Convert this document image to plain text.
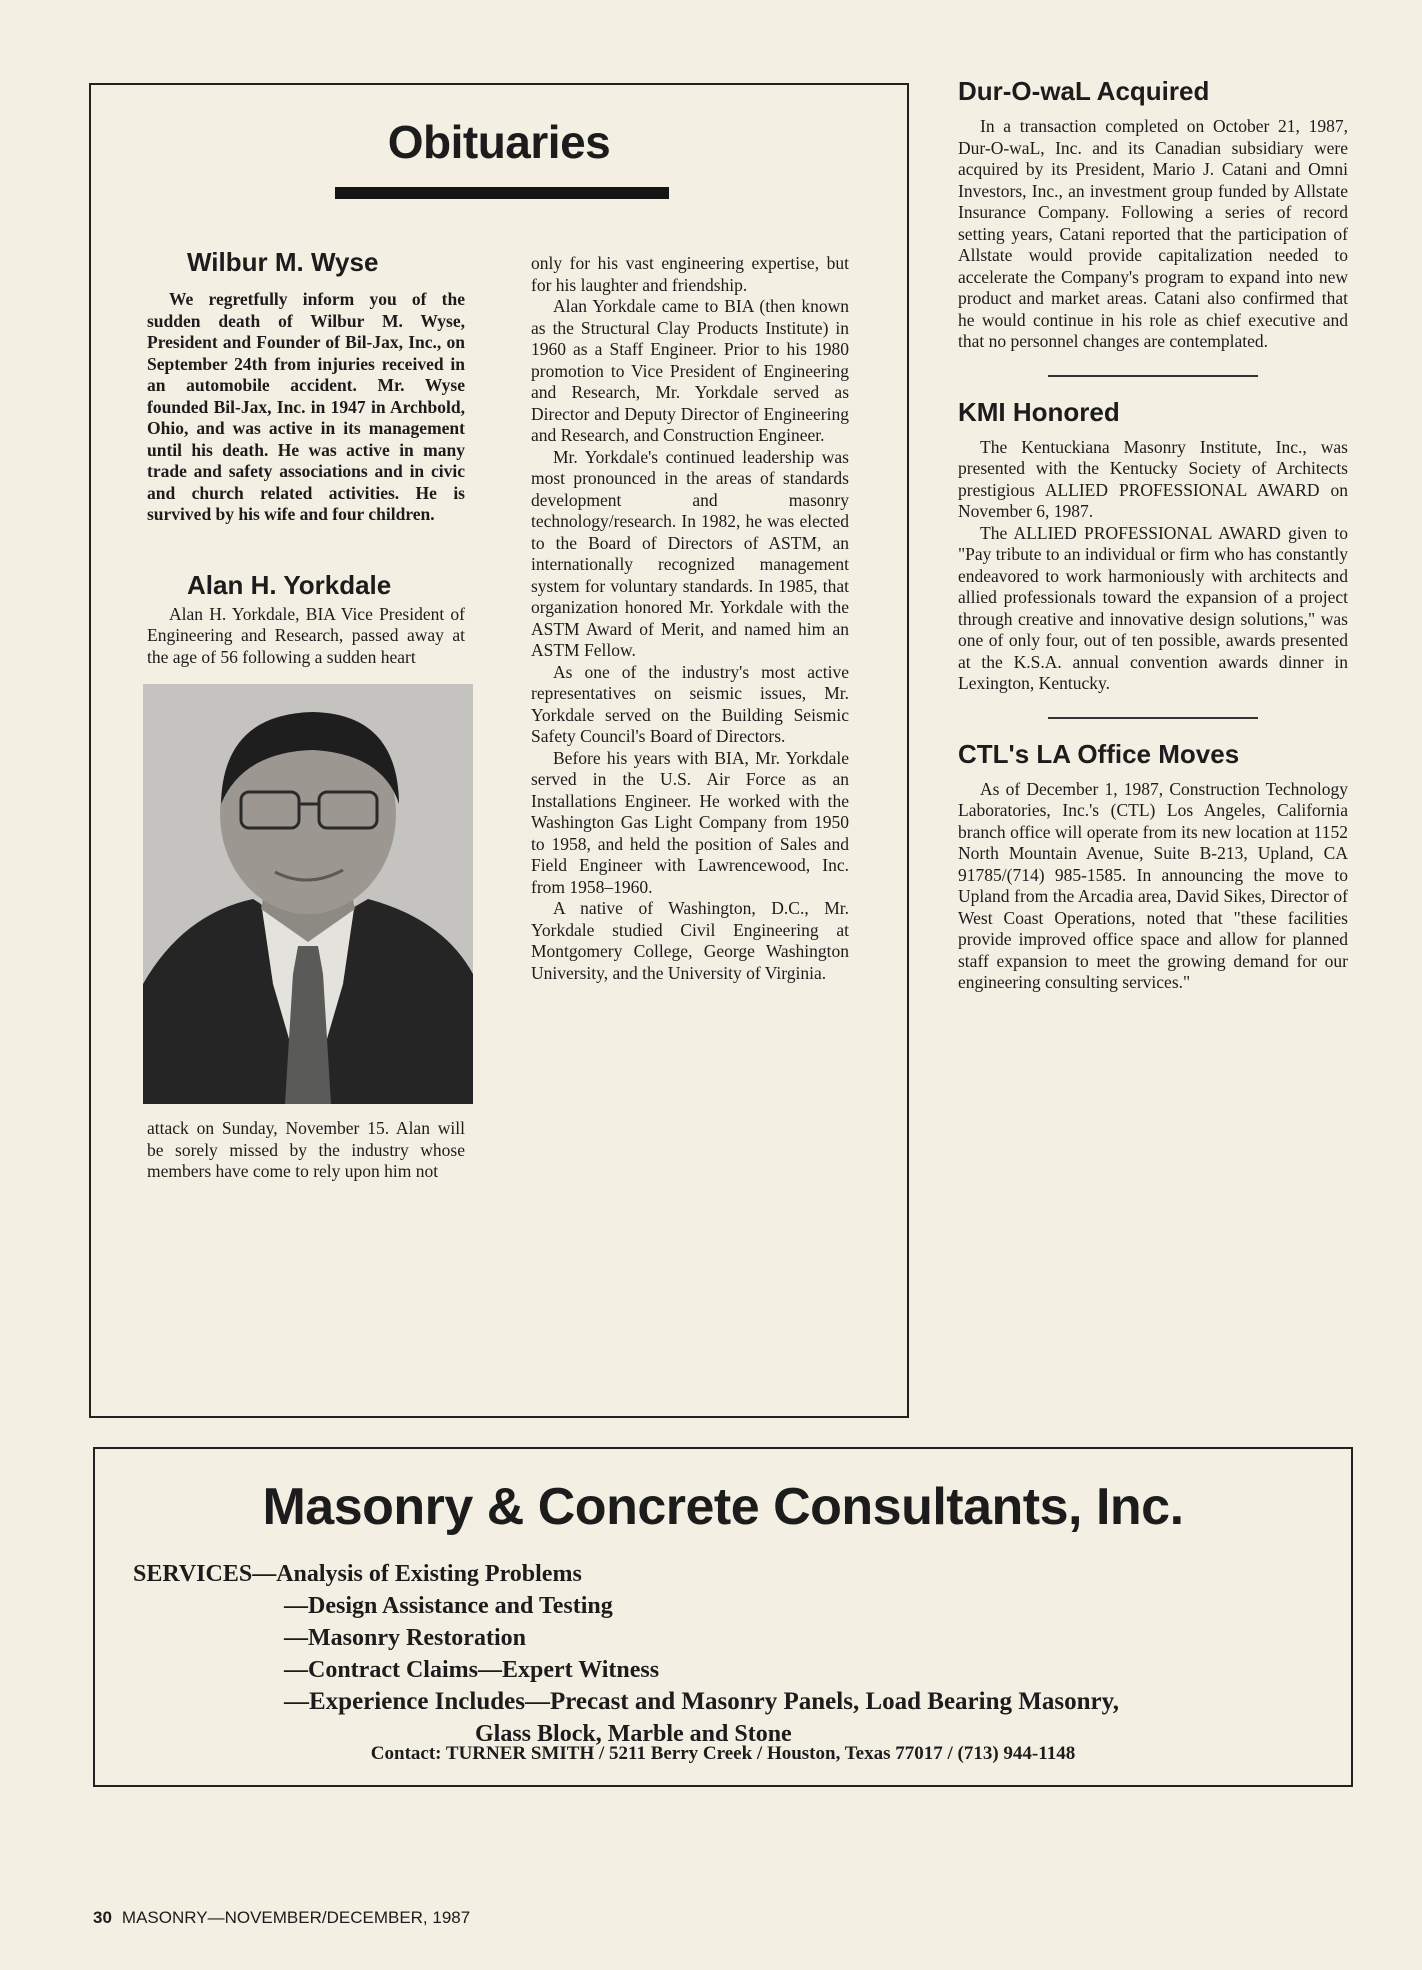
Obituaries
Wilbur M. Wyse

We regretfully inform you of the sudden death of Wilbur M. Wyse, President and Founder of Bil-Jax, Inc., on September 24th from injuries received in an automobile accident. Mr. Wyse founded Bil-Jax, Inc. in 1947 in Archbold, Ohio, and was active in its management until his death. He was active in many trade and safety associations and in civic and church related activities. He is survived by his wife and four children.

Alan H. Yorkdale

Alan H. Yorkdale, BIA Vice President of Engineering and Research, passed away at the age of 56 following a sudden heart

attack on Sunday, November 15. Alan will be sorely missed by the industry whose members have come to rely upon him not

only for his vast engineering expertise, but for his laughter and friendship.

Alan Yorkdale came to BIA (then known as the Structural Clay Products Institute) in 1960 as a Staff Engineer. Prior to his 1980 promotion to Vice President of Engineering and Research, Mr. Yorkdale served as Director and Deputy Director of Engineering and Research, and Construction Engineer.

Mr. Yorkdale's continued leadership was most pronounced in the areas of standards development and masonry technology/research. In 1982, he was elected to the Board of Directors of ASTM, an internationally recognized management system for voluntary standards. In 1985, that organization honored Mr. Yorkdale with the ASTM Award of Merit, and named him an ASTM Fellow.

As one of the industry's most active representatives on seismic issues, Mr. Yorkdale served on the Building Seismic Safety Council's Board of Directors.

Before his years with BIA, Mr. Yorkdale served in the U.S. Air Force as an Installations Engineer. He worked with the Washington Gas Light Company from 1950 to 1958, and held the position of Sales and Field Engineer with Lawrencewood, Inc. from 1958–1960.

A native of Washington, D.C., Mr. Yorkdale studied Civil Engineering at Montgomery College, George Washington University, and the University of Virginia.

Dur-O-waL Acquired

In a transaction completed on October 21, 1987, Dur-O-waL, Inc. and its Canadian subsidiary were acquired by its President, Mario J. Catani and Omni Investors, Inc., an investment group funded by Allstate Insurance Company. Following a series of record setting years, Catani reported that the participation of Allstate would provide capitalization needed to accelerate the Company's program to expand into new product and market areas. Catani also confirmed that he would continue in his role as chief executive and that no personnel changes are contemplated.

KMI Honored

The Kentuckiana Masonry Institute, Inc., was presented with the Kentucky Society of Architects prestigious ALLIED PROFESSIONAL AWARD on November 6, 1987.

The ALLIED PROFESSIONAL AWARD given to "Pay tribute to an individual or firm who has constantly endeavored to work harmoniously with architects and allied professionals toward the expansion of a project through creative and innovative design solutions," was one of only four, out of ten possible, awards presented at the K.S.A. annual convention awards dinner in Lexington, Kentucky.

CTL's LA Office Moves

As of December 1, 1987, Construction Technology Laboratories, Inc.'s (CTL) Los Angeles, California branch office will operate from its new location at 1152 North Mountain Avenue, Suite B-213, Upland, CA 91785/(714) 985-1585. In announcing the move to Upland from the Arcadia area, David Sikes, Director of West Coast Operations, noted that "these facilities provide improved office space and allow for planned staff expansion to meet the growing demand for our engineering consulting services."

Masonry & Concrete Consultants, Inc.
SERVICES—Analysis of Existing Problems
—Design Assistance and Testing
—Masonry Restoration
—Contract Claims—Expert Witness
—Experience Includes—Precast and Masonry Panels, Load Bearing Masonry,
Glass Block, Marble and Stone
Contact: TURNER SMITH / 5211 Berry Creek / Houston, Texas 77017 / (713) 944-1148
30 MASONRY—NOVEMBER/DECEMBER, 1987
